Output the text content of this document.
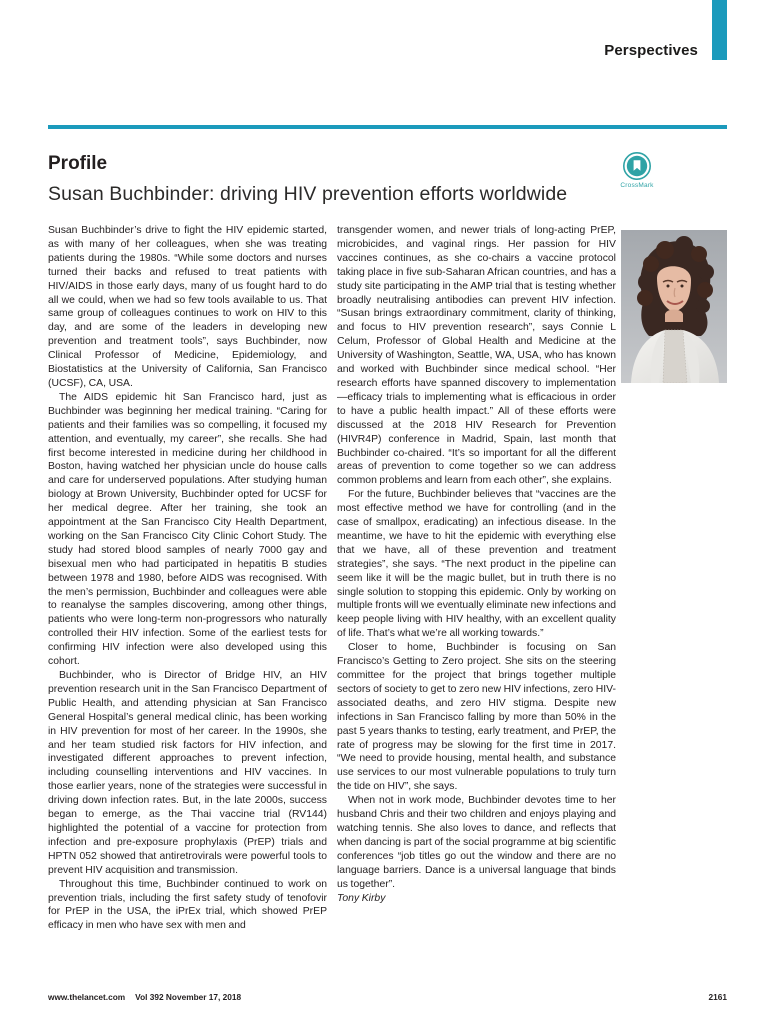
Perspectives
CrossMark
Profile
Susan Buchbinder: driving HIV prevention efforts worldwide

Susan Buchbinder’s drive to fight the HIV epidemic started, as with many of her colleagues, when she was treating patients during the 1980s. “While some doctors and nurses turned their backs and refused to treat patients with HIV/AIDS in those early days, many of us fought hard to do all we could, when we had so few tools available to us. That same group of colleagues continues to work on HIV to this day, and are some of the leaders in developing new prevention and treatment tools”, says Buchbinder, now Clinical Professor of Medicine, Epidemiology, and Biostatistics at the University of California, San Francisco (UCSF), CA, USA.

The AIDS epidemic hit San Francisco hard, just as Buchbinder was beginning her medical training. “Caring for patients and their families was so compelling, it focused my attention, and eventually, my career”, she recalls. She had first become interested in medicine during her childhood in Boston, having watched her physician uncle do house calls and care for underserved populations. After studying human biology at Brown University, Buchbinder opted for UCSF for her medical degree. After her training, she took an appointment at the San Francisco City Health Department, working on the San Francisco City Clinic Cohort Study. The study had stored blood samples of nearly 7000 gay and bisexual men who had participated in hepatitis B studies between 1978 and 1980, before AIDS was recognised. With the men’s permission, Buchbinder and colleagues were able to reanalyse the samples discovering, among other things, patients who were long-term non-progressors who naturally controlled their HIV infection. Some of the earliest tests for confirming HIV infection were also developed using this cohort.

Buchbinder, who is Director of Bridge HIV, an HIV prevention research unit in the San Francisco Department of Public Health, and attending physician at San Francisco General Hospital’s general medical clinic, has been working in HIV prevention for most of her career. In the 1990s, she and her team studied risk factors for HIV infection, and investigated different approaches to prevent infection, including counselling interventions and HIV vaccines. In those earlier years, none of the strategies were successful in driving down infection rates. But, in the late 2000s, success began to emerge, as the Thai vaccine trial (RV144) highlighted the potential of a vaccine for protection from infection and pre-exposure prophylaxis (PrEP) trials and HPTN 052 showed that antiretrovirals were powerful tools to prevent HIV acquisition and transmission.

Throughout this time, Buchbinder continued to work on prevention trials, including the first safety study of tenofovir for PrEP in the USA, the iPrEx trial, which showed PrEP efficacy in men who have sex with men and

transgender women, and newer trials of long-acting PrEP, microbicides, and vaginal rings. Her passion for HIV vaccines continues, as she co-chairs a vaccine protocol taking place in five sub-Saharan African countries, and has a study site participating in the AMP trial that is testing whether broadly neutralising antibodies can prevent HIV infection. “Susan brings extraordinary commitment, clarity of thinking, and focus to HIV prevention research”, says Connie L Celum, Professor of Global Health and Medicine at the University of Washington, Seattle, WA, USA, who has known and worked with Buchbinder since medical school. “Her research efforts have spanned discovery to implementation—efficacy trials to implementing what is efficacious in order to have a public health impact.” All of these efforts were discussed at the 2018 HIV Research for Prevention (HIVR4P) conference in Madrid, Spain, last month that Buchbinder co-chaired. “It’s so important for all the different areas of prevention to come together so we can address common problems and learn from each other”, she explains.

For the future, Buchbinder believes that “vaccines are the most effective method we have for controlling (and in the case of smallpox, eradicating) an infectious disease. In the meantime, we have to hit the epidemic with everything else that we have, all of these prevention and treatment strategies”, she says. “The next product in the pipeline can seem like it will be the magic bullet, but in truth there is no single solution to stopping this epidemic. Only by working on multiple fronts will we eventually eliminate new infections and keep people living with HIV healthy, with an excellent quality of life. That’s what we’re all working towards.”

Closer to home, Buchbinder is focusing on San Francisco’s Getting to Zero project. She sits on the steering committee for the project that brings together multiple sectors of society to get to zero new HIV infections, zero HIV-associated deaths, and zero HIV stigma. Despite new infections in San Francisco falling by more than 50% in the past 5 years thanks to testing, early treatment, and PrEP, the rate of progress may be slowing for the first time in 2017. “We need to provide housing, mental health, and substance use services to our most vulnerable populations to truly turn the tide on HIV”, she says.

When not in work mode, Buchbinder devotes time to her husband Chris and their two children and enjoys playing and watching tennis. She also loves to dance, and reflects that when dancing is part of the social programme at big scientific conferences “job titles go out the window and there are no language barriers. Dance is a universal language that binds us together”.

Tony Kirby

www.thelancet.com Vol 392 November 17, 2018	2161
